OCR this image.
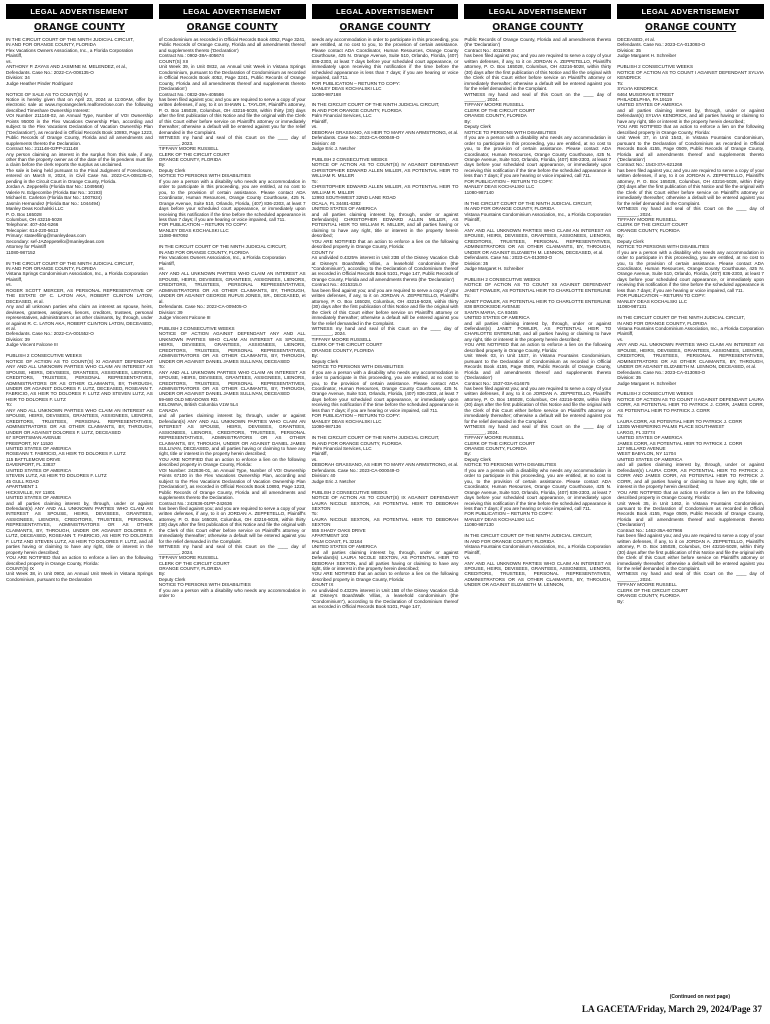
LEGAL ADVERTISEMENT
ORANGE COUNTY
IN THE CIRCUIT COURT OF THE NINTH JUDICIAL CIRCUIT,
IN AND FOR ORANGE COUNTY, FLORIDA
Flex Vacations Owners Association, Inc., a Florida Corporation
Plaintiff,
vs.
ANTHONY P. ZAYAS AND JASMINE M. MELENDEZ, et al.,
Defendants. Case No.: 2022-CA-008135-O
Division: 34
Judge Heather Pinder Rodriguez

NOTICE OF SALE AS TO COUNT(S) IV
Notice is hereby given that on April 23, 2024 at 11:00AM, offer by electronic sale at www.myorangeclerk.realforeclose.com the following described Timeshare Ownership Interest:
VOI Number 211148-02, an Annual Type, Number of VOI Ownership Points 95000 in the Flex Vacations Ownership Plan, according and subject to the Flex Vacations Declaration of Vacation Ownership Plan ("Declaration"), as recorded in Official Records Book 10893, Page 1223, Public Records of Orange County, Florida and all amendments and supplements thereto the Declaration.
Contract No.: 211148-02PP-211148
Any person claiming an interest in the surplus from this sale, if any, other than the property owner as of the date of the lis pendens must file a claim before the clerk reports the surplus as unclaimed.
The sale is being held pursuant to the Final Judgment of Foreclosure, entered on March 8, 2024, in Civil Case No. 2022-CA-008135-O, pending in the Circuit Court in Orange County, Florida.
Jordan A. Zeppetello (Florida Bar No.: 1049568)
Valerie N. Edgecombe (Florida Bar No.: 10193)
Michael E. Carleton (Florida Bar No.: 1007924)
Jasmin Hernandez (Florida Bar No.: 1044494)
Manley Deas Kochalski LLC
P. O. Box 165028
Columbus, OH 43216-5028
Telephone: 407-404-5266
Telecopier: 614-220-5613
Primary: stateefiling@manleydeas.com
Secondary: sef-JAZeppetello@manleydeas.com
Attorney for Plaintiff
11080-987152

IN THE CIRCUIT COURT OF THE NINTH JUDICIAL CIRCUIT,
IN AND FOR ORANGE COUNTY, FLORIDA
Vistana Springs Condominium Association, Inc., a Florida Corporation
Plaintiff,
vs.
ROGER SCOTT MERCER, AS PERSONAL REPRESENTATIVE OF THE ESTATE OF C. LATON AKA, ROBERT CLINTON LATON, DECEASED, et al.
Any and all unknown parties who claim an interest as spouse, heirs, devisees, grantees, assignees, lienors, creditors, trustees, personal representatives, administrators or as other claimants, by, through, under or against R. C. LATON AKA, ROBERT CLINTON LATON, DECEASED, et al.
Defendants. Case No.: 2022-CA-001552-O
Division: 39
Judge Vincent Falcone III

PUBLISH 2 CONSECUTIVE WEEKS
NOTICE OF ACTION AS TO COUNT(S) XI AGAINST DEFENDANT ANY AND ALL UNKNOWN PARTIES WHO CLAIM AN INTEREST AS SPOUSE, HEIRS, DEVISEES, GRANTEES, ASSIGNEES, LIENORS, CREDITORS, TRUSTEES, PERSONAL REPRESENTATIVES, ADMINISTRATORS OR AS OTHER CLAIMANTS, BY, THROUGH, UNDER OR AGAINST DOLORES F. LUTZ, DECEASED, ROSEANN T. FABRICIO, AS HEIR TO DOLORES F. LUTZ AND STEVEN LUTZ, AS HEIR TO DOLORES F. LUTZ
To:
ANY AND ALL UNKNOWN PARTIES WHO CLAIM AN INTEREST AS SPOUSE, HEIRS, DEVISEES, GRANTEES, ASSIGNEES, LIENORS, CREDITORS, TRUSTEES, PERSONAL REPRESENTATIVES, ADMINISTRATORS OR AS OTHER CLAIMANTS, BY, THROUGH, UNDER OR AGAINST DOLORES F. LUTZ, DECEASED
67 SPORTSMAN AVENUE
FREEPORT, NY 11520
UNITED STATES OF AMERICA
ROSEANN T. FABRICIO, AS HEIR TO DOLORES F. LUTZ
115 BATTLEMOVE DRIVE
DAVENPORT, FL 33837
UNITED STATES OF AMERICA
STEVEN LUTZ, AS HEIR TO DOLORES F. LUTZ
45 GULL ROAD
APARTMENT 1
HICKSVILLE, NY 11801
UNITED STATES OF AMERICA
and all parties claiming interest by, through, under or against Defendant(s) ANY AND ALL UNKNOWN PARTIES WHO CLAIM AN INTEREST AS SPOUSE, HEIRS, DEVISEES, GRANTEES, ASSIGNEES, LIENORS, CREDITORS, TRUSTEES, PERSONAL REPRESENTATIVES, ADMINISTRATORS OR AS OTHER CLAIMANTS, BY, THROUGH, UNDER OR AGAINST DOLORES F. LUTZ, DECEASED, ROSEANN T. FABRICIO, AS HEIR TO DOLORES F. LUTZ AND STEVEN LUTZ, AS HEIR TO DOLORES F. LUTZ, and all parties having or claiming to have any right, title or interest in the property herein described;
YOU ARE NOTIFIED that an action to enforce a lien on the following described property in Orange County, Florida:
COUNT(S) IX
Unit Week 38, in Unit 0902, an Annual Unit Week in Vistana Springs Condominium, pursuant to the Declaration
LEGAL ADVERTISEMENT
ORANGE COUNTY
of Condominium as recorded in Official Records Book 4052, Page 3241, Public Records of Orange County, Florida and all amendments thereof and supplements thereto ('Declaration')
Contract No.: 0902-38A-405674
COUNT(S) XII
Unit Week 39, in Unit 0832, an Annual Unit Week in Vistana Springs Condominium, pursuant to the Declaration of Condominium as recorded in Official Records Book 4052, Page 3241, Public Records of Orange County, Florida and all amendments thereof and supplements thereto ('Declaration')
Contract No.: 0832-39A-405586
has been filed against you; and you are required to serve a copy of your written defenses, if any, to it on SHAWN L. TAYLOR, Plaintiff's attorney, P. O. Box 165028, Columbus, OH 43216-5028, within thirty (30) days after the first publication of this Notice and file the original with the Clerk of this Court either before service on Plaintiff's attorney or immediately thereafter; otherwise a default will be entered against you for the relief demanded in the Complaint.
WITNESS my hand and seal of this Court on the ____ day of ________, 2023.
TIFFANY MOORE RUSSELL
CLERK OF THE CIRCUIT COURT
ORANGE COUNTY, FLORIDA
By:
Deputy Clerk
NOTICE TO PERSONS WITH DISABILITIES
If you are a person with a disability who needs any accommodation in order to participate in this proceeding, you are entitled, at no cost to you, to the provision of certain assistance. Please contact ADA Coordinator, Human Resources, Orange County Courthouse, 425 N. Orange Avenue, Suite 510, Orlando, Florida, (407) 836-2303, at least 7 days before your scheduled court appearance, or immediately upon receiving this notification if the time before the scheduled appearance is less than 7 days; if you are hearing or voice impaired, call 711.
FOR PUBLICATION – RETURN TO COPY:
MANLEY DEAS KOCHALSKI LLC
11080-987092

IN THE CIRCUIT COURT OF THE NINTH JUDICIAL CIRCUIT,
IN AND FOR ORANGE COUNTY, FLORIDA
Flex Vacations Owners Association, Inc., a Florida Corporation
Plaintiff,
vs.
ANY AND ALL UNKNOWN PARTIES WHO CLAIM AN INTEREST AS SPOUSE, HEIRS, DEVISEES, GRANTEES, ASSIGNEES, LIENORS, CREDITORS, TRUSTEES, PERSONAL REPRESENTATIVES, ADMINISTRATORS OR AS OTHER CLAIMANTS, BY, THROUGH, UNDER OR AGAINST GEORGE RUFUS JONES, SR., DECEASED, et al.
Defendants. Case No.: 2022-CA-009405-O
Division: 39
Judge Vincent Falcone III

PUBLISH 2 CONSECUTIVE WEEKS
NOTICE OF ACTION AGAINST DEFENDANT ANY AND ALL UNKNOWN PARTIES WHO CLAIM AN INTEREST AS SPOUSE, HEIRS, DEVISEES, GRANTEES, ASSIGNEES, LIENORS, CREDITORS, TRUSTEES, PERSONAL REPRESENTATIVES, ADMINISTRATORS OR AS OTHER CLAIMANTS, BY, THROUGH, UNDER OR AGAINST DANIEL JAMES SULLIVAN, DECEASED
To:
ANY AND ALL UNKNOWN PARTIES WHO CLAIM AN INTEREST AS SPOUSE, HEIRS, DEVISEES, GRANTEES, ASSIGNEES, LIENORS, CREDITORS, TRUSTEES, PERSONAL REPRESENTATIVES, ADMINISTRATORS OR AS OTHER CLAIMANTS, BY, THROUGH, UNDER OR AGAINST DANIEL JAMES SULLIVAN, DECEASED
59-680 OLD MEADOWS RD.
KELOWNA, British Columbia V1W 5L4
CANADA
and all parties claiming interest by, through, under or against Defendant(s) ANY AND ALL UNKNOWN PARTIES WHO CLAIM AN INTEREST AS SPOUSE, HEIRS, DEVISEES, GRANTEES, ASSIGNEES, LIENORS, CREDITORS, TRUSTEES, PERSONAL REPRESENTATIVES, ADMINISTRATORS OR AS OTHER CLAIMANTS, BY, THROUGH, UNDER OR AGAINST DANIEL JAMES SULLIVAN, DECEASED, and all parties having or claiming to have any right, title or interest in the property herein described;
YOU ARE NOTIFIED that an action to enforce a lien on the following described property in Orange County, Florida:
VOI Number: 242636-01, an Annual Type, Number of VOI Ownership Points 67100 in the Flex Vacations Ownership Plan, according and subject to the Flex Vacations Declaration of Vacation Ownership Plan ('Declaration'), as recorded in Official Records Book 10893, Page 1223, Public Records of Orange County, Florida and all amendments and supplements thereto the Declaration.
Contract No.: 242636-01PP-242636
has been filed against you; and you are required to serve a copy of your written defenses, if any, to it on JORDAN A. ZEPPETELLO, Plaintiff's attorney, P. O. Box 165028, Columbus, OH 43216-5028, within thirty (30) days after the first publication of this Notice and file the original with the Clerk of this Court either before service on Plaintiff's attorney or immediately thereafter; otherwise a default will be entered against you for the relief demanded in the Complaint.
WITNESS my hand and seal of this Court on the ____ day of ________, 2024.
TIFFANY MOORE RUSSELL
CLERK OF THE CIRCUIT COURT
ORANGE COUNTY, FLORIDA
By:
Deputy Clerk
NOTICE TO PERSONS WITH DISABILITIES
If you are a person with a disability who needs any accommodation in order to
LEGAL ADVERTISEMENT
ORANGE COUNTY
needs any accommodation in order to participate in this proceeding, you are entitled, at no cost to you, to the provision of certain assistance. Please contact ADA Coordinator, Human Resources, Orange County Courthouse, 425 N. Orange Avenue, Suite 510, Orlando, Florida, (407) 836-2303, at least 7 days before your scheduled court appearance, or immediately upon receiving this notification if the time before the scheduled appearance is less than 7 days; if you are hearing or voice impaired, call 711.
FOR PUBLICATION – RETURN TO COPY:
MANLEY DEAS KOCHALSKI LLC
11080-987168

IN THE CIRCUIT COURT OF THE NINTH JUDICIAL CIRCUIT,
IN AND FOR ORANGE COUNTY, FLORIDA
Palm Financial Services, LLC
Plaintiff,
vs.
DEBORAH GRASSANO, AS HEIR TO MARY ANN ARMSTRONG, et al.
Defendants. Case No.: 2023-CA-000049-O
Division: 40
Judge Eric J. Netcher

PUBLISH 2 CONSECUTIVE WEEKS
NOTICE OF ACTION AS TO COUNT(S) IV AGAINST DEFENDANT CHRISTOPHER EDWARD ALLEN MILLER, AS POTENTIAL HEIR TO WILLIAM R. MILLER
To:
CHRISTOPHER EDWARD ALLEN MILLER, AS POTENTIAL HEIR TO WILLIAM R. MILLER
12993 SOUTHWEST 32ND LANE ROAD
OCALA, FL 34481-6382
UNITED STATES OF AMERICA
and all parties claiming interest by, through, under or against Defendant(s) CHRISTOPHER EDWARD ALLEN MILLER, AS POTENTIAL HEIR TO WILLIAM R. MILLER, and all parties having or claiming to have any right, title or interest in the property herein described;
YOU ARE NOTIFIED that an action to enforce a lien on the following described property in Orange County, Florida:
COUNT IV
An undivided 0.4325% interest in Unit 23B of the Disney Vacation Club at Disney's BoardWalk Villas, a leasehold condominium (the "Condominium"), according to the Declaration of Condominium thereof as recorded in Official Records Book 5101, Page 147, Public Records of Orange County, Florida and all amendments thereto (the 'Declaration')
Contract No.: 4015315.0
has been filed against you; and you are required to serve a copy of your written defenses, if any, to it on JORDAN A. ZEPPETELLO, Plaintiff's attorney, P. O. Box 165028, Columbus, OH 43216-5028, within thirty (30) days after the first publication of this Notice and file the original with the Clerk of this Court either before service on Plaintiff's attorney or immediately thereafter; otherwise a default will be entered against you for the relief demanded in the Complaint.
WITNESS my hand and seal of this Court on the ____ day of ________, 2024.
TIFFANY MOORE RUSSELL
CLERK OF THE CIRCUIT COURT
ORANGE COUNTY, FLORIDA
By:
Deputy Clerk
NOTICE TO PERSONS WITH DISABILITIES
If you are a person with a disability who needs any accommodation in order to participate in this proceeding, you are entitled, at no cost to you, to the provision of certain assistance. Please contact ADA Coordinator, Human Resources, Orange County Courthouse, 425 N. Orange Avenue, Suite 510, Orlando, Florida, (407) 836-2303, at least 7 days before your scheduled court appearance, or immediately upon receiving this notification if the time before the scheduled appearance is less than 7 days; if you are hearing or voice impaired, call 711.
FOR PUBLICATION – RETURN TO COPY:
MANLEY DEAS KOCHALSKI LLC
11080-987136

IN THE CIRCUIT COURT OF THE NINTH JUDICIAL CIRCUIT,
IN AND FOR ORANGE COUNTY, FLORIDA
Palm Financial Services, LLC
Plaintiff,
vs.
DEBORAH GRASSANO, AS HEIR TO MARY ANN ARMSTRONG, et al.
Defendants. Case No.: 2023-CA-000049-O
Division: 40
Judge Eric J. Netcher

PUBLISH 2 CONSECUTIVE WEEKS
NOTICE OF ACTION AS TO COUNT(S) IX AGAINST DEFENDANT LAURA NICOLE SEXTON, AS POTENTIAL HEIR TO DEBORAH SEXTON
To:
LAURA NICOLE SEXTON, AS POTENTIAL HEIR TO DEBORAH SEXTON
555 SHADY OAKS DRIVE
APARTMENT 102
PALM COAST, FL 32164
UNITED STATES OF AMERICA
and all parties claiming interest by, through, under or against Defendant(s) LAURA NICOLE SEXTON, AS POTENTIAL HEIR TO DEBORAH SEXTON, and all parties having or claiming to have any right, title or interest in the property herein described;
YOU ARE NOTIFIED that an action to enforce a lien on the following described property in Orange County, Florida:
COUNT IX
An undivided 0.4323% interest in Unit 15B of the Disney Vacation Club at Disney's BoardWalk Villas, a leasehold condominium (the "Condominium"), according to the Declaration of Condominium thereof as recorded in Official Records Book 5101, Page 147,
LEGAL ADVERTISEMENT
ORANGE COUNTY
Public Records of Orange County, Florida and all amendments thereto (the 'Declaration')
Contract No.: 4011909.0
has been filed against you; and you are required to serve a copy of your written defenses, if any, to it on JORDAN A. ZEPPETELLO, Plaintiff's attorney, P. O. Box 165028, Columbus, OH 43216-5028, within thirty (30) days after the first publication of this Notice and file the original with the Clerk of this Court either before service on Plaintiff's attorney or immediately thereafter; otherwise a default will be entered against you for the relief demanded in the Complaint.
WITNESS my hand and seal of this Court on the ____ day of ________, 2024.
TIFFANY MOORE RUSSELL
CLERK OF THE CIRCUIT COURT
ORANGE COUNTY, FLORIDA
By:
Deputy Clerk
NOTICE TO PERSONS WITH DISABILITIES
If you are a person with a disability who needs any accommodation in order to participate in this proceeding, you are entitled, at no cost to you, to the provision of certain assistance. Please contact ADA Coordinator, Human Resources, Orange County Courthouse, 425 N. Orange Avenue, Suite 510, Orlando, Florida, (407) 836-2303, at least 7 days before your scheduled court appearance, or immediately upon receiving this notification if the time before the scheduled appearance is less than 7 days; if you are hearing or voice impaired, call 711.
FOR PUBLICATION – RETURN TO COPY:
MANLEY DEAS KOCHALSKI LLC
11080-987140

IN THE CIRCUIT COURT OF THE NINTH JUDICIAL CIRCUIT,
IN AND FOR ORANGE COUNTY, FLORIDA
Vistana Fountains Condominium Association, Inc., a Florida Corporation
Plaintiff,
vs.
ANY AND ALL UNKNOWN PARTIES WHO CLAIM AN INTEREST AS SPOUSE, HEIRS, DEVISEES, GRANTEES, ASSIGNEES, LIENORS, CREDITORS, TRUSTEES, PERSONAL REPRESENTATIVES, ADMINISTRATORS OR AS OTHER CLAIMANTS, BY, THROUGH, UNDER OR AGAINST ELIZABETH M. LENNON, DECEASED, et al.
Defendants. Case No.: 2023-CA-013093-O
Division: 35
Judge Margaret H. Schreiber

PUBLISH 2 CONSECUTIVE WEEKS
NOTICE OF ACTION AS TO COUNT XII AGAINST DEFENDANT JANET FOWLER, AS POTENTIAL HEIR TO CHARLOTTE ENTERLINE
To:
JANET FOWLER, AS POTENTIAL HEIR TO CHARLOTTE ENTERLINE
838 BROOKSIDE AVENUE
SANTA MARIA, CA 93455
UNITED STATES OF AMERICA
and all parties claiming interest by, through, under or against Defendant(s) JANET FOWLER, AS POTENTIAL HEIR TO CHARLOTTE ENTERLINE, and all parties having or claiming to have any right, title or interest in the property herein described;
YOU ARE NOTIFIED that an action to enforce a lien on the following described property in Orange County, Florida:
Unit Week 03, in Unit 1537, in Vistana Fountains Condominium, pursuant to the Declaration of Condominium as recorded in Official Records Book 4155, Page 0509, Public Records of Orange County, Florida and all amendments thereof and supplements thereto ('Declaration')
Contract No.: 1537-03A-614675
has been filed against you; and you are required to serve a copy of your written defenses, if any, to it on JORDAN A. ZEPPETELLO, Plaintiff's attorney, P. O. Box 165028, Columbus, OH 43216-5028, within thirty (30) days after the first publication of this Notice and file the original with the Clerk of this Court either before service on Plaintiff's attorney or immediately thereafter; otherwise a default will be entered against you for the relief demanded in the Complaint.
WITNESS my hand and seal of this Court on the ____ day of ________, 2024.
TIFFANY MOORE RUSSELL
CLERK OF THE CIRCUIT COURT
ORANGE COUNTY, FLORIDA
By:
Deputy Clerk
NOTICE TO PERSONS WITH DISABILITIES
If you are a person with a disability who needs any accommodation in order to participate in this proceeding, you are entitled, at no cost to you, to the provision of certain assistance. Please contact ADA Coordinator, Human Resources, Orange County Courthouse, 425 N. Orange Avenue, Suite 510, Orlando, Florida, (407) 836-2303, at least 7 days before your scheduled court appearance, or immediately upon receiving this notification if the time before the scheduled appearance is less than 7 days; if you are hearing or voice impaired, call 711.
FOR PUBLICATION – RETURN TO COPY:
MANLEY DEAS KOCHALSKI LLC
11080-987130

IN THE CIRCUIT COURT OF THE NINTH JUDICIAL CIRCUIT,
IN AND FOR ORANGE COUNTY, FLORIDA
Vistana Fountains Condominium Association, Inc., a Florida Corporation
Plaintiff,
vs.
ANY AND ALL UNKNOWN PARTIES WHO CLAIM AN INTEREST AS SPOUSE, HEIRS, DEVISEES, GRANTEES, ASSIGNEES, LIENORS, CREDITORS, TRUSTEES, PERSONAL REPRESENTATIVES, ADMINISTRATORS OR AS OTHER CLAIMANTS, BY, THROUGH, UNDER OR AGAINST ELIZABETH M. LENNON,
LEGAL ADVERTISEMENT
ORANGE COUNTY
DECEASED, et al.
Defendants. Case No.: 2023-CA-013093-O
Division: 35
Judge Margaret H. Schreiber

PUBLISH 2 CONSECUTIVE WEEKS
NOTICE OF ACTION AS TO COUNT I AGAINST DEFENDANT SYLVIA KENDRICK
To:
SYLVIA KENDRICK
6464 MUSGRAVE STREET
PHILADELPHIA, PA 19119
UNITED STATES OF AMERICA
and all parties claiming interest by, through, under or against Defendant(s) SYLVIA KENDRICK, and all parties having or claiming to have any right, title or interest in the property herein described;
YOU ARE NOTIFIED that an action to enforce a lien on the following described property in Orange County, Florida:
Unit Week 37, in Unit 1543, in Vistana Fountains Condominium, pursuant to the Declaration of Condominium as recorded in Official Records Book 4155, Page 0509, Public Records of Orange County, Florida and all amendments thereof and supplements thereto ('Declaration')
Contract No.: 1543-37A-621268
has been filed against you; and you are required to serve a copy of your written defenses, if any, to it on JORDAN A. ZEPPETELLO, Plaintiff's attorney, P. O. Box 165028, Columbus, OH 43216-5028, within thirty (30) days after the first publication of this Notice and file the original with the Clerk of this Court either before service on Plaintiff's attorney or immediately thereafter; otherwise a default will be entered against you for the relief demanded in the Complaint.
WITNESS my hand and seal of this Court on the ____ day of ________, 2024.
TIFFANY MOORE RUSSELL
CLERK OF THE CIRCUIT COURT
ORANGE COUNTY, FLORIDA
By:
Deputy Clerk
NOTICE TO PERSONS WITH DISABILITIES
If you are a person with a disability who needs any accommodation in order to participate in this proceeding, you are entitled, at no cost to you, to the provision of certain assistance. Please contact ADA Coordinator, Human Resources, Orange County Courthouse, 425 N. Orange Avenue, Suite 510, Orlando, Florida, (407) 836-2303, at least 7 days before your scheduled court appearance, or immediately upon receiving this notification if the time before the scheduled appearance is less than 7 days; if you are hearing or voice impaired, call 711.
FOR PUBLICATION – RETURN TO COPY:
MANLEY DEAS KOCHALSKI LLC
11080-987131

IN THE CIRCUIT COURT OF THE NINTH JUDICIAL CIRCUIT,
IN AND FOR ORANGE COUNTY, FLORIDA
Vistana Fountains Condominium Association, Inc., a Florida Corporation
Plaintiff,
vs.
ANY AND ALL UNKNOWN PARTIES WHO CLAIM AN INTEREST AS SPOUSE, HEIRS, DEVISEES, GRANTEES, ASSIGNEES, LIENORS, CREDITORS, TRUSTEES, PERSONAL REPRESENTATIVES, ADMINISTRATORS OR AS OTHER CLAIMANTS, BY, THROUGH, UNDER OR AGAINST ELIZABETH M. LENNON, DECEASED, et al.
Defendants. Case No.: 2023-CA-013093-O
Division: 35
Judge Margaret H. Schreiber

PUBLISH 2 CONSECUTIVE WEEKS
NOTICE OF ACTION AS TO COUNT II AGAINST DEFENDANT LAURA CORR, AS POTENTIAL HEIR TO PATRICK J. CORR, JAMES CORR, AS POTENTIAL HEIR TO PATRICK J. CORR
To:
LAURA CORR, AS POTENTIAL HEIR TO PATRICK J. CORR
13305 WHISPERING PALMS PLACE SOUTHWEST
LARGO, FL 33774
UNITED STATES OF AMERICA
JAMES CORR, AS POTENTIAL HEIR TO PATRICK J. CORR
127 MILLARD AVENUE
WEST BABYLON, NY 11704
UNITED STATES OF AMERICA
and all parties claiming interest by, through, under or against Defendant(s) LAURA CORR, AS POTENTIAL HEIR TO PATRICK J. CORR AND JAMES CORR, AS POTENTIAL HEIR TO PATRICK J. CORR, and all parties having or claiming to have any right, title or interest in the property herein described;
YOU ARE NOTIFIED that an action to enforce a lien on the following described property in Orange County, Florida:
Unit Week 35, in Unit 1462, in Vistana Fountains Condominium, pursuant to the Declaration of Condominium as recorded in Official Records Book 4155, Page 0509, Public Records of Orange County, Florida and all amendments thereof and supplements thereto ('Declaration')
Contract No.: 1462-35A-607966
has been filed against you; and you are required to serve a copy of your written defenses, if any, to it on JORDAN A. ZEPPETELLO, Plaintiff's attorney, P. O. Box 165028, Columbus, OH 43216-5028, within thirty (30) days after the first publication of this Notice and file the original with the Clerk of this Court either before service on Plaintiff's attorney or immediately thereafter; otherwise a default will be entered against you for the relief demanded in the Complaint.
WITNESS my hand and seal of this Court on the ____ day of ________, 2024.
TIFFANY MOORE RUSSELL
CLERK OF THE CIRCUIT COURT
ORANGE COUNTY, FLORIDA
By:
(Continued on next page)
LA GACETA/Friday, March 29, 2024/Page 37
